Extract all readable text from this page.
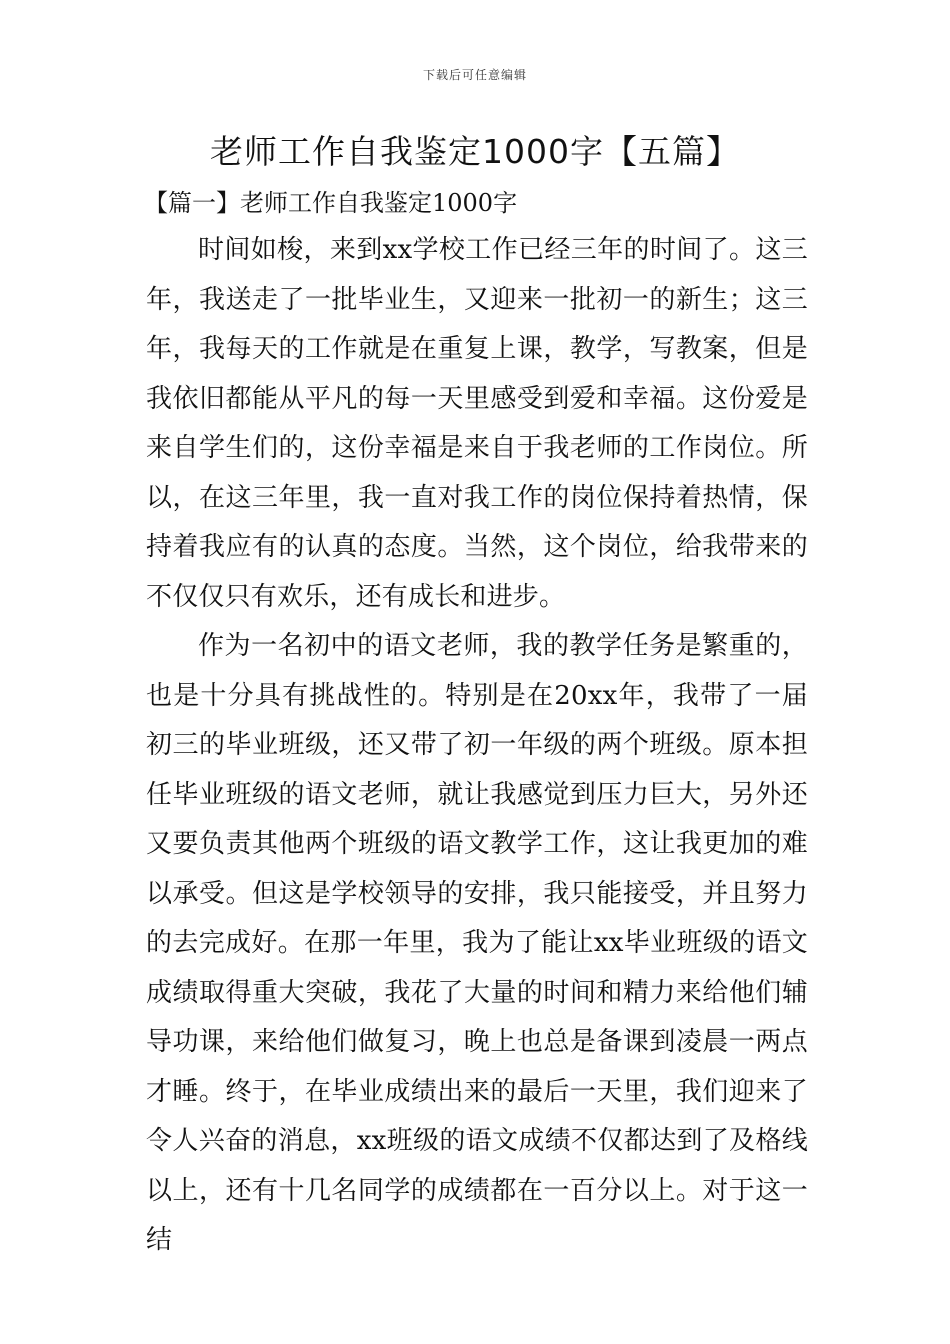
下载后可任意编辑
老师工作自我鉴定1000字【五篇】
【篇一】老师工作自我鉴定1000字

时间如梭，来到xx学校工作已经三年的时间了。这三年，我送走了一批毕业生，又迎来一批初一的新生；这三年，我每天的工作就是在重复上课，教学，写教案，但是我依旧都能从平凡的每一天里感受到爱和幸福。这份爱是来自学生们的，这份幸福是来自于我老师的工作岗位。所以，在这三年里，我一直对我工作的岗位保持着热情，保持着我应有的认真的态度。当然，这个岗位，给我带来的不仅仅只有欢乐，还有成长和进步。

作为一名初中的语文老师，我的教学任务是繁重的，也是十分具有挑战性的。特别是在20xx年，我带了一届初三的毕业班级，还又带了初一年级的两个班级。原本担任毕业班级的语文老师，就让我感觉到压力巨大，另外还又要负责其他两个班级的语文教学工作，这让我更加的难以承受。但这是学校领导的安排，我只能接受，并且努力的去完成好。在那一年里，我为了能让xx毕业班级的语文成绩取得重大突破，我花了大量的时间和精力来给他们辅导功课，来给他们做复习，晚上也总是备课到凌晨一两点才睡。终于，在毕业成绩出来的最后一天里，我们迎来了令人兴奋的消息，xx班级的语文成绩不仅都达到了及格线以上，还有十几名同学的成绩都在一百分以上。对于这一结
